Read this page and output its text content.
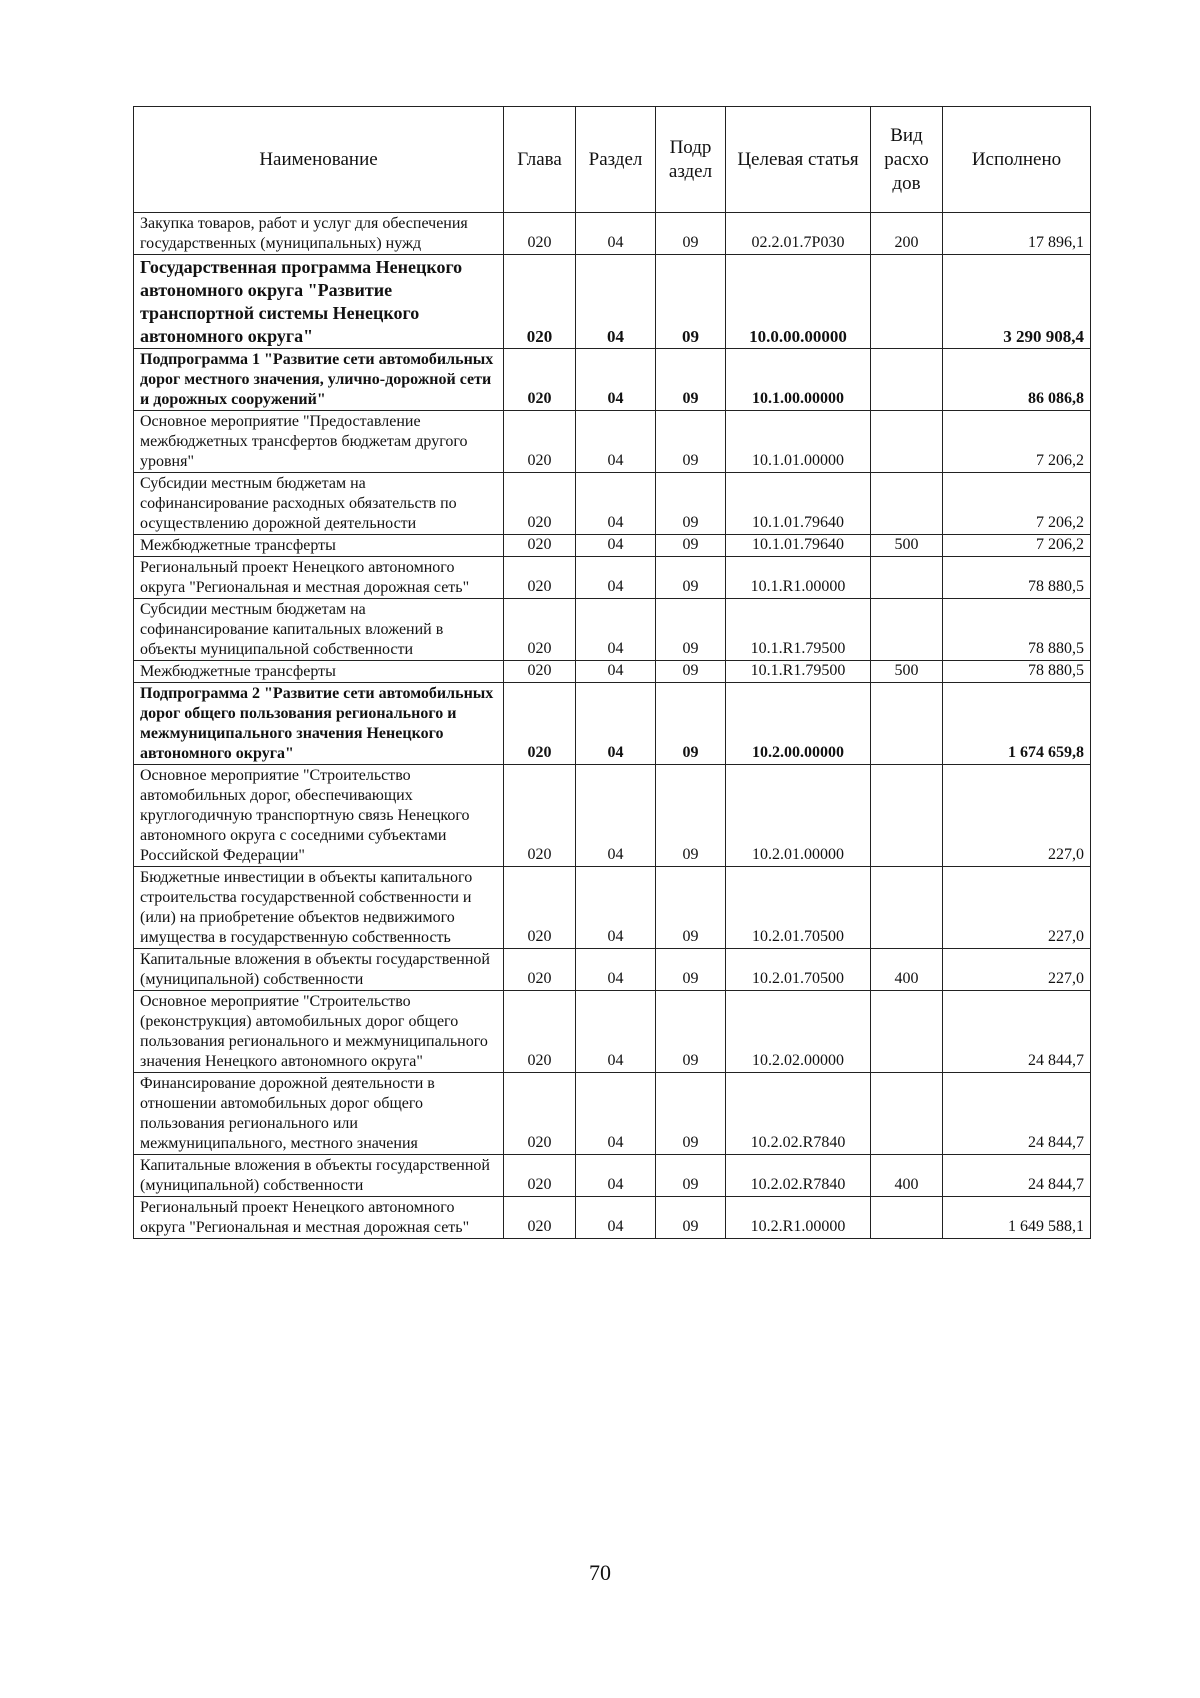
Наименование	Глава	Раздел	Подр аздел	Целевая статья	Вид расхо дов	Исполнено
Закупка товаров, работ и услуг для обеспечения государственных (муниципальных) нужд	020	04	09	02.2.01.7Р030	200	17 896,1
Государственная программа Ненецкого автономного округа "Развитие транспортной системы Ненецкого автономного округа"	020	04	09	10.0.00.00000		3 290 908,4
Подпрограмма 1 "Развитие сети автомобильных дорог местного значения, улично-дорожной сети и дорожных сооружений"	020	04	09	10.1.00.00000		86 086,8
Основное мероприятие "Предоставление межбюджетных трансфертов бюджетам другого уровня"	020	04	09	10.1.01.00000		7 206,2
Субсидии местным бюджетам на софинансирование расходных обязательств по осуществлению дорожной деятельности	020	04	09	10.1.01.79640		7 206,2
Межбюджетные трансферты	020	04	09	10.1.01.79640	500	7 206,2
Региональный проект Ненецкого автономного округа "Региональная и местная дорожная сеть"	020	04	09	10.1.R1.00000		78 880,5
Субсидии местным бюджетам на софинансирование капитальных вложений в объекты муниципальной собственности	020	04	09	10.1.R1.79500		78 880,5
Межбюджетные трансферты	020	04	09	10.1.R1.79500	500	78 880,5
Подпрограмма 2 "Развитие сети автомобильных дорог общего пользования регионального и межмуниципального значения Ненецкого автономного округа"	020	04	09	10.2.00.00000		1 674 659,8
Основное мероприятие "Строительство автомобильных дорог, обеспечивающих круглогодичную транспортную связь Ненецкого автономного округа с соседними субъектами Российской Федерации"	020	04	09	10.2.01.00000		227,0
Бюджетные инвестиции в объекты капитального строительства государственной собственности и (или) на приобретение объектов недвижимого имущества в государственную собственность	020	04	09	10.2.01.70500		227,0
Капитальные вложения в объекты государственной (муниципальной) собственности	020	04	09	10.2.01.70500	400	227,0
Основное мероприятие "Строительство (реконструкция) автомобильных дорог общего пользования регионального и межмуниципального значения Ненецкого автономного округа"	020	04	09	10.2.02.00000		24 844,7
Финансирование дорожной деятельности в отношении автомобильных дорог общего пользования регионального или межмуниципального, местного значения	020	04	09	10.2.02.R7840		24 844,7
Капитальные вложения в объекты государственной (муниципальной) собственности	020	04	09	10.2.02.R7840	400	24 844,7
Региональный проект Ненецкого автономного округа "Региональная и местная дорожная сеть"	020	04	09	10.2.R1.00000		1 649 588,1
70
